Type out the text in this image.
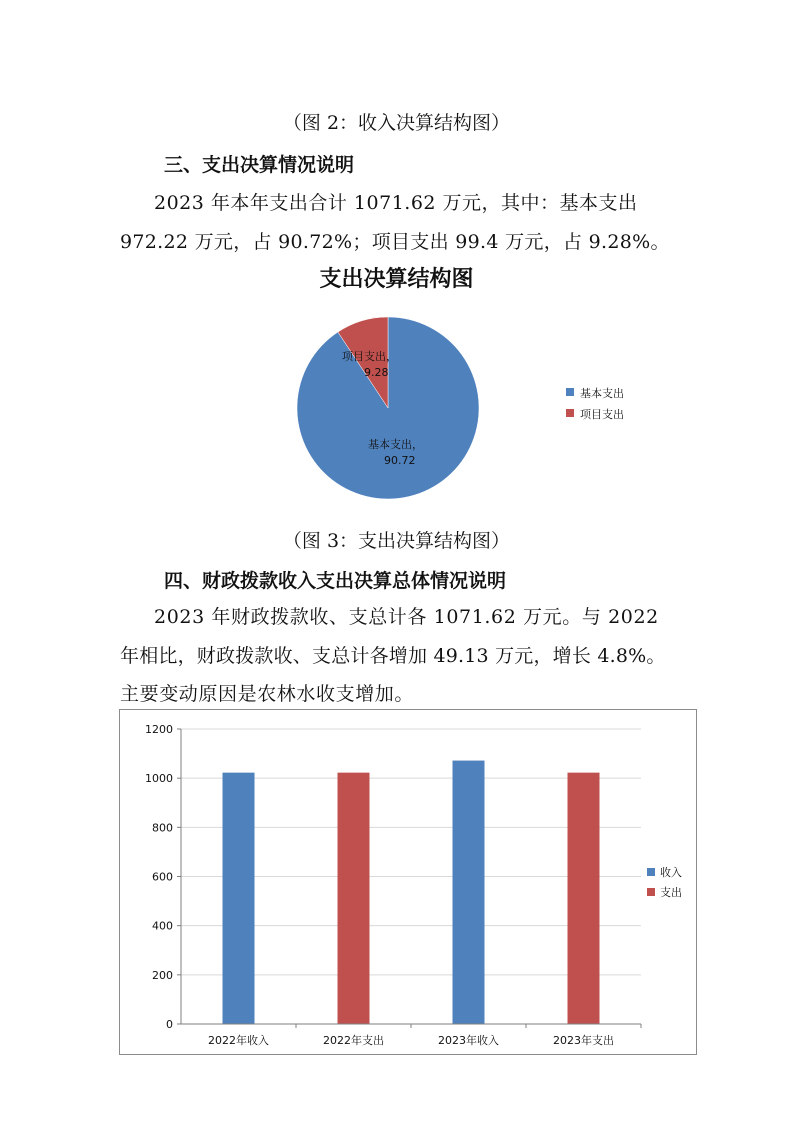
（图 2：收入决算结构图）
三、支出决算情况说明
2023 年本年支出合计 1071.62 万元，其中：基本支出
972.22 万元，占 90.72%；项目支出 99.4 万元，占 9.28%。
支出决算结构图
项目支出， 9.28
基本支出， 90.72
基本支出
项目支出
（图 3：支出决算结构图）
四、财政拨款收入支出决算总体情况说明
2023 年财政拨款收、支总计各 1071.62 万元。与 2022
年相比，财政拨款收、支总计各增加 49.13 万元，增长 4.8%。
主要变动原因是农林水收支增加。
0
200
400
600
800
1000
1200
2022年收入	2022年支出	2023年收入	2023年支出
收入
支出
